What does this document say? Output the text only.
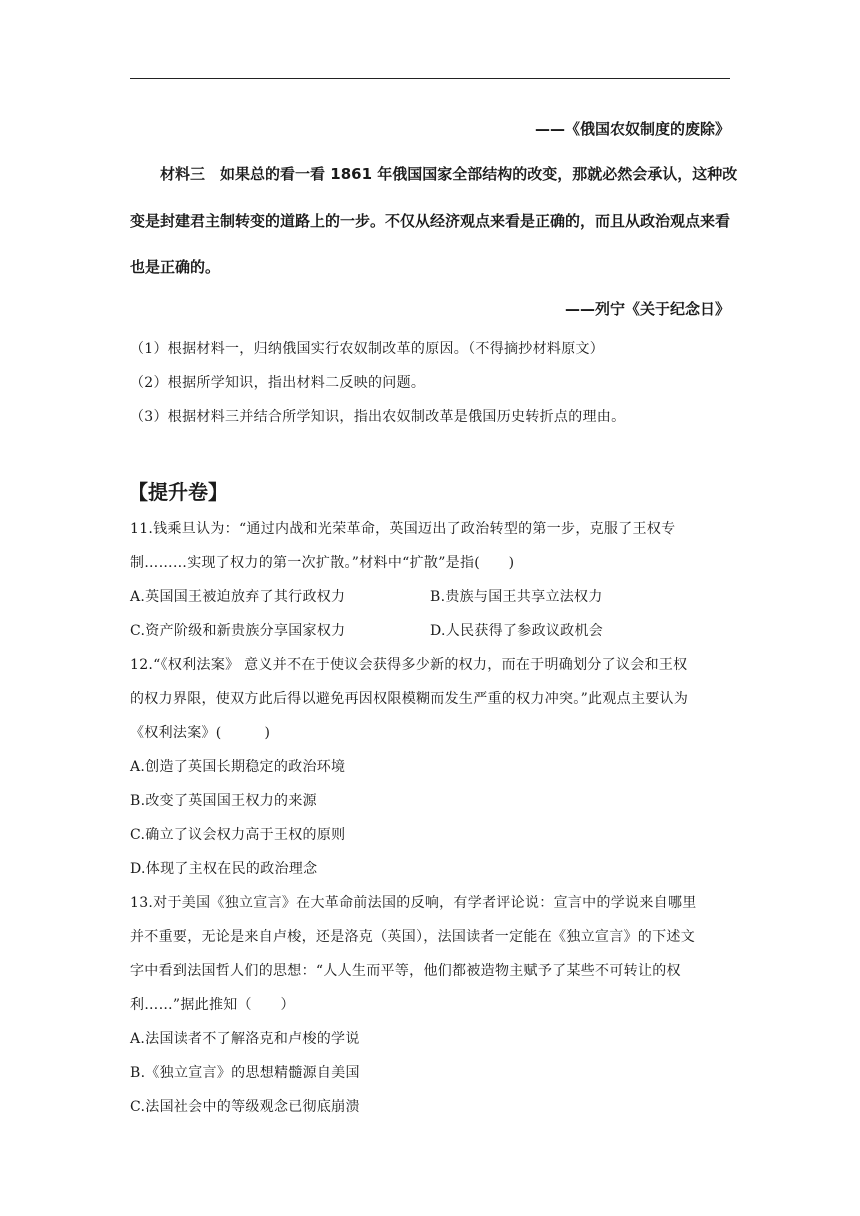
——《俄国农奴制度的废除》
材料三　 如果总的看一看 1861 年俄国国家全部结构的改变，那就必然会承认，这种改
变是封建君主制转变的道路上的一步。不仅从经济观点来看是正确的，而且从政治观点来看
也是正确的。
——列宁《关于纪念日》
（1）根据材料一，归纳俄国实行农奴制改革的原因。（不得摘抄材料原文）
（2）根据所学知识，指出材料二反映的问题。
（3）根据材料三并结合所学知识，指出农奴制改革是俄国历史转折点的理由。
【提升卷】
11.钱乘旦认为：“通过内战和光荣革命，英国迈出了政治转型的第一步，克服了王权专
制………实现了权力的第一次扩散。”材料中“扩散”是指(　　)
A.英国国王被迫放弃了其行政权力	B.贵族与国王共享立法权力
C.资产阶级和新贵族分享国家权力	D.人民获得了参政议政机会
12.“《权利法案》 意义并不在于使议会获得多少新的权力，而在于明确划分了议会和王权
的权力界限，使双方此后得以避免再因权限模糊而发生严重的权力冲突。”此观点主要认为
《权利法案》(　　　)
A.创造了英国长期稳定的政治环境
B.改变了英国国王权力的来源
C.确立了议会权力高于王权的原则
D.体现了主权在民的政治理念
13.对于美国《独立宣言》在大革命前法国的反响，有学者评论说：宣言中的学说来自哪里
并不重要，无论是来自卢梭，还是洛克（英国），法国读者一定能在《独立宣言》的下述文
字中看到法国哲人们的思想：“人人生而平等，他们都被造物主赋予了某些不可转让的权
利……”据此推知（　　）
A.法国读者不了解洛克和卢梭的学说
B.《独立宣言》的思想精髓源自美国
C.法国社会中的等级观念已彻底崩溃
